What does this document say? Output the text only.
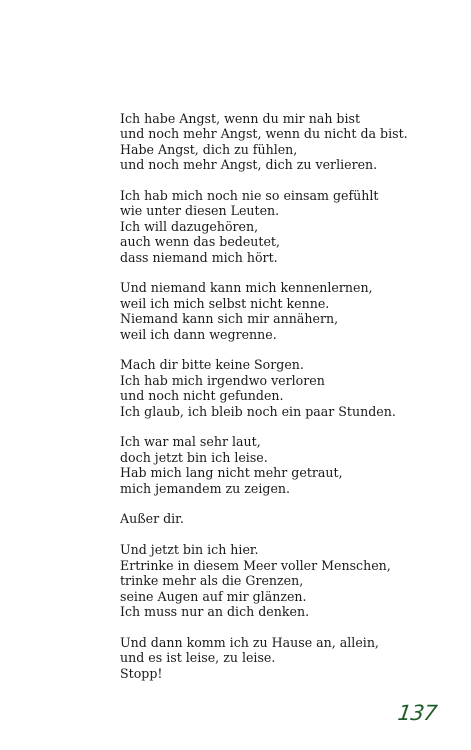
Ich habe Angst, wenn du mir nah bist
und noch mehr Angst, wenn du nicht da bist.
Habe Angst, dich zu fühlen,
und noch mehr Angst, dich zu verlieren.
Ich hab mich noch nie so einsam gefühlt
wie unter diesen Leuten.
Ich will dazugehören,
auch wenn das bedeutet,
dass niemand mich hört.
Und niemand kann mich kennenlernen,
weil ich mich selbst nicht kenne.
Niemand kann sich mir annähern,
weil ich dann wegrenne.
Mach dir bitte keine Sorgen.
Ich hab mich irgendwo verloren
und noch nicht gefunden.
Ich glaub, ich bleib noch ein paar Stunden.
Ich war mal sehr laut,
doch jetzt bin ich leise.
Hab mich lang nicht mehr getraut,
mich jemandem zu zeigen.
Außer dir.
Und jetzt bin ich hier.
Ertrinke in diesem Meer voller Menschen,
trinke mehr als die Grenzen,
seine Augen auf mir glänzen.
Ich muss nur an dich denken.
Und dann komm ich zu Hause an, allein,
und es ist leise, zu leise.
Stopp!
137
